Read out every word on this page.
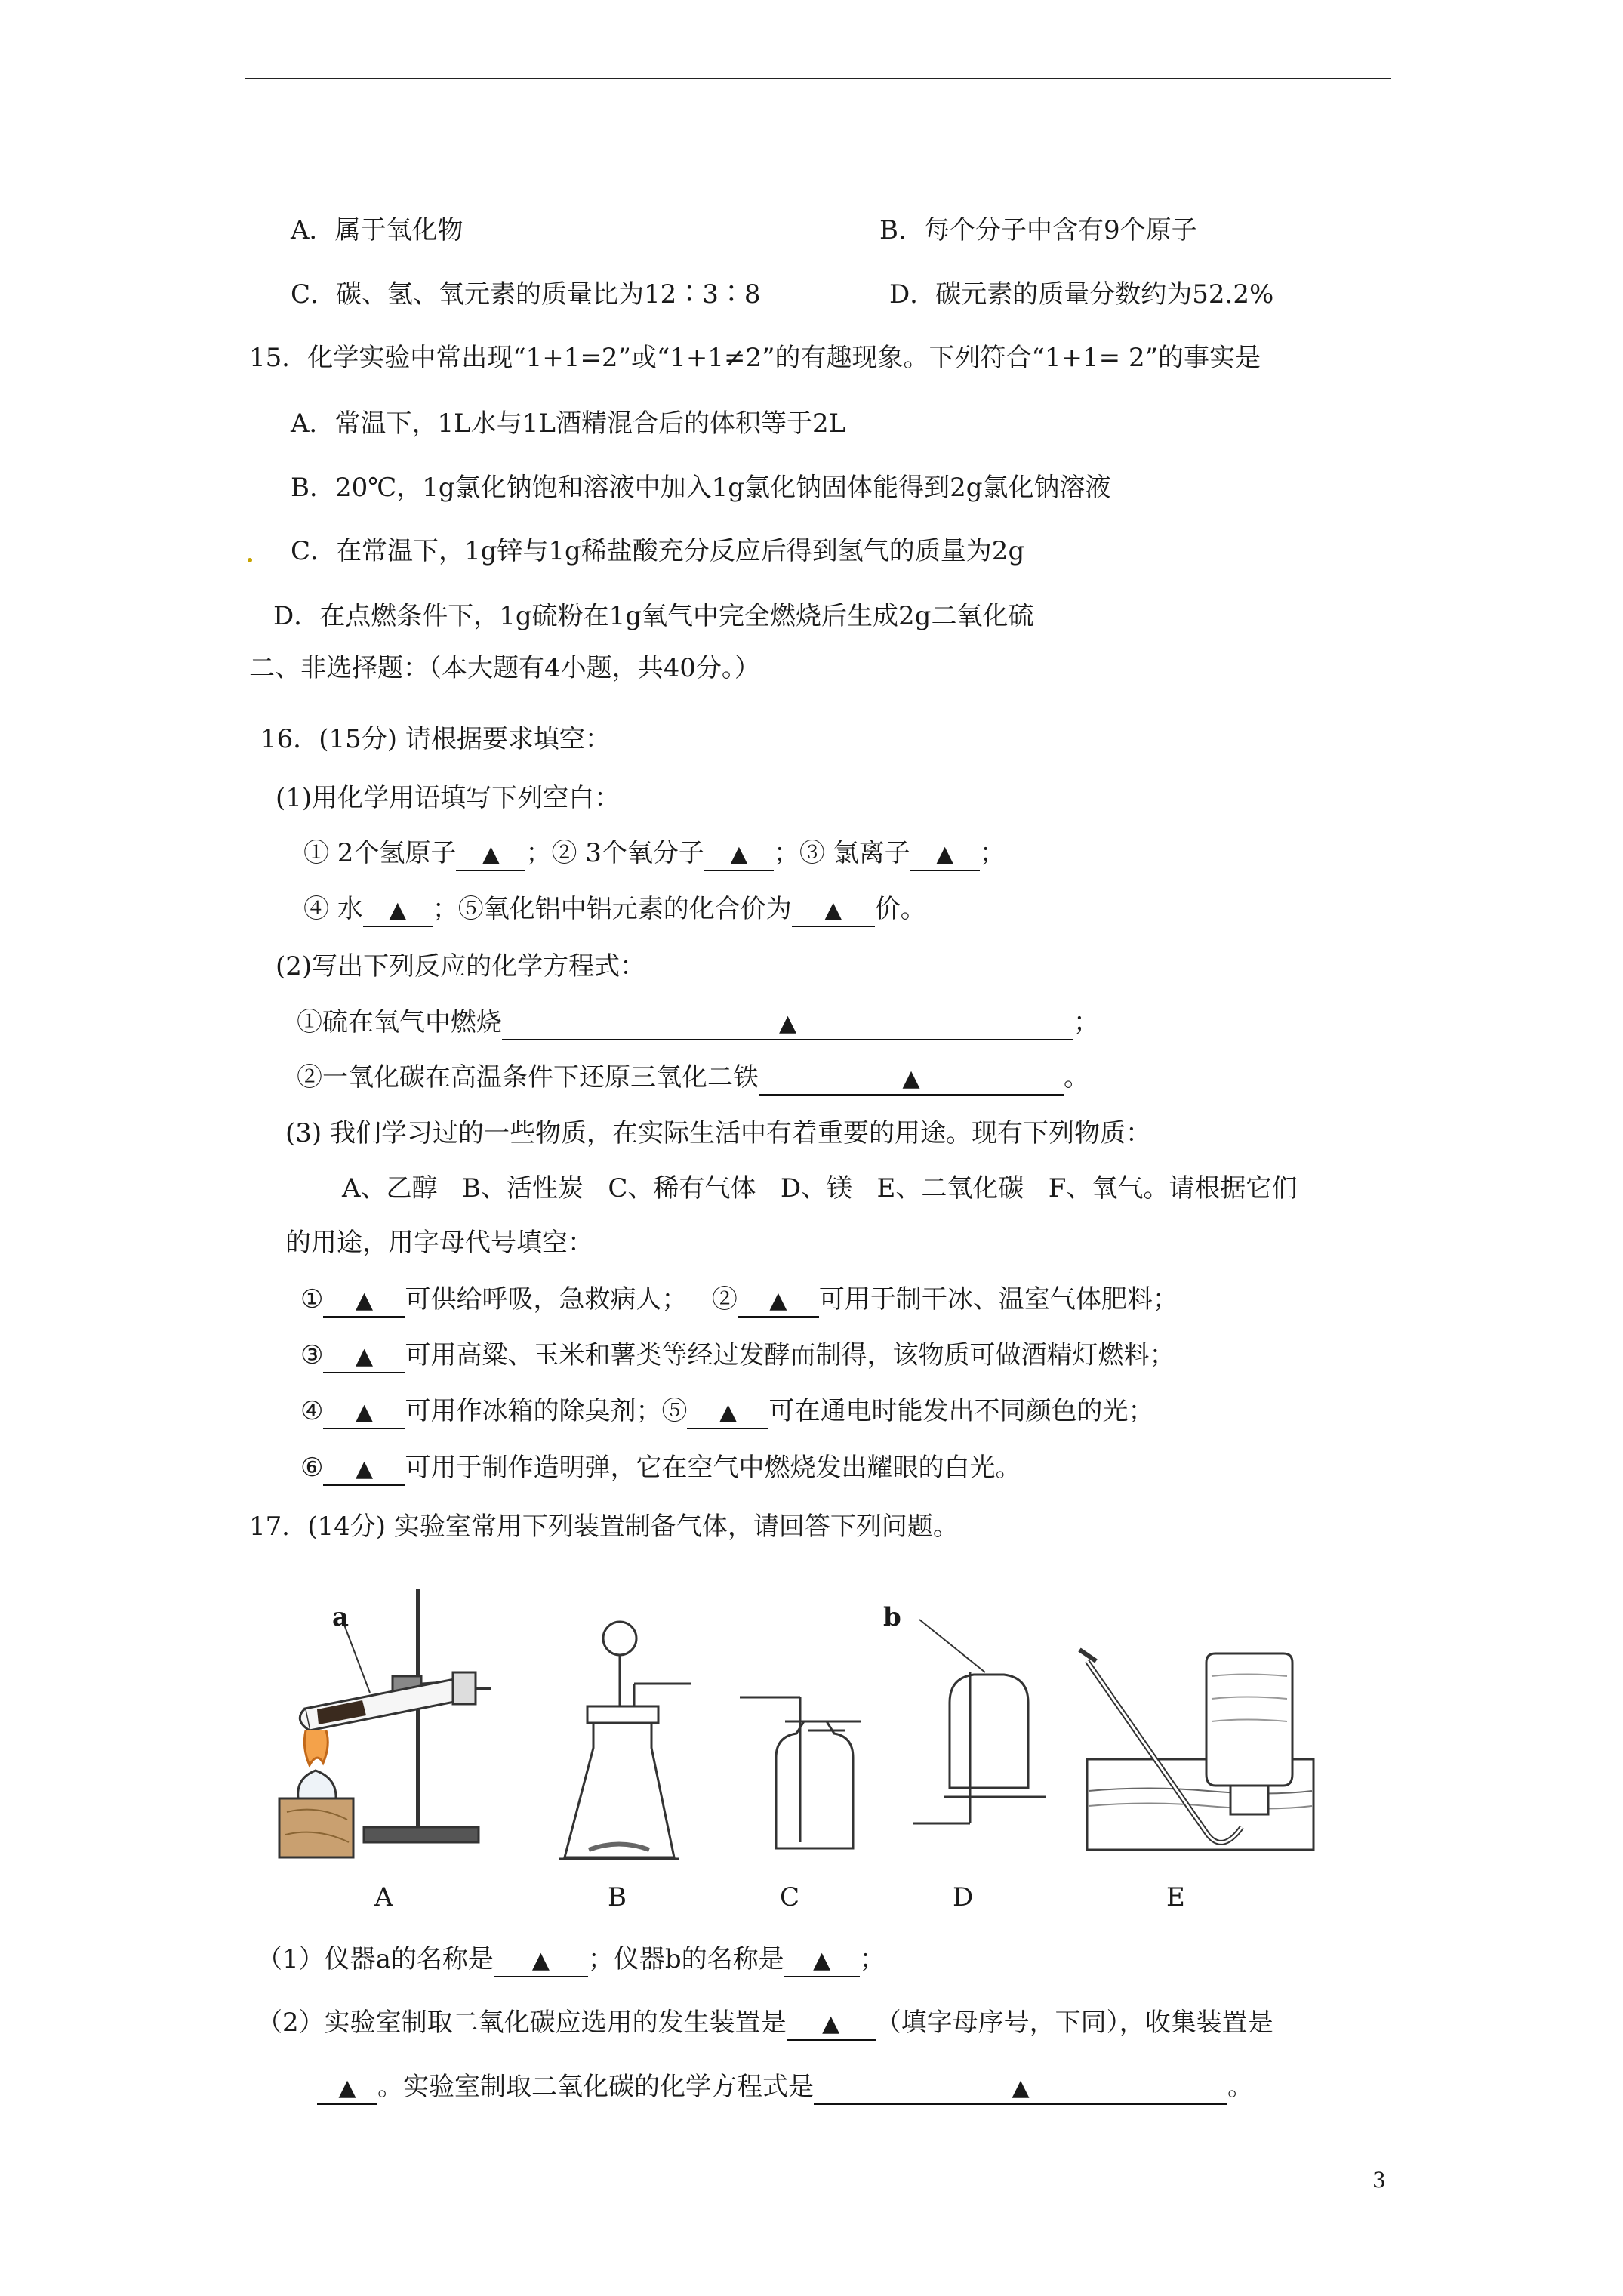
A．属于氧化物	B．每个分子中含有9个原子
C．碳、氢、氧元素的质量比为12∶3∶8	D．碳元素的质量分数约为52.2%
15．化学实验中常出现“1+1=2”或“1+1≠2”的有趣现象。下列符合“1+1= 2”的事实是
A．常温下，1L水与1L酒精混合后的体积等于2L
B．20℃，1g氯化钠饱和溶液中加入1g氯化钠固体能得到2g氯化钠溶液
C．在常温下，1g锌与1g稀盐酸充分反应后得到氢气的质量为2g
D．在点燃条件下，1g硫粉在1g氧气中完全燃烧后生成2g二氧化硫
二、非选择题：（本大题有4小题，共40分。）
16．(15分) 请根据要求填空：
(1)用化学用语填写下列空白：
① 2个氢原子 ▲ ；② 3个氧分子 ▲ ；③ 氯离子 ▲ ；
④ 水 ▲ ；⑤氧化铝中铝元素的化合价为 ▲ 价。
(2)写出下列反应的化学方程式：
①硫在氧气中燃烧	▲	；
②一氧化碳在高温条件下还原三氧化二铁	▲	。
(3) 我们学习过的一些物质，在实际生活中有着重要的用途。现有下列物质：
A、乙醇   B、活性炭   C、稀有气体   D、镁   E、二氧化碳   F、氧气。请根据它们
的用途，用字母代号填空：
① ▲ 可供给呼吸，急救病人；   ② ▲ 可用于制干冰、温室气体肥料；
③ ▲ 可用高粱、玉米和薯类等经过发酵而制得，该物质可做酒精灯燃料；
④ ▲ 可用作冰箱的除臭剂；⑤ ▲ 可在通电时能发出不同颜色的光；
⑥ ▲ 可用于制作造明弹，它在空气中燃烧发出耀眼的白光。
17．(14分) 实验室常用下列装置制备气体，请回答下列问题。
a	b
A	B	C	D	E
（1）仪器a的名称是 ▲ ；仪器b的名称是 ▲ ；
（2）实验室制取二氧化碳应选用的发生装置是 ▲ （填字母序号，下同），收集装置是
▲ 。实验室制取二氧化碳的化学方程式是	▲	。
3
